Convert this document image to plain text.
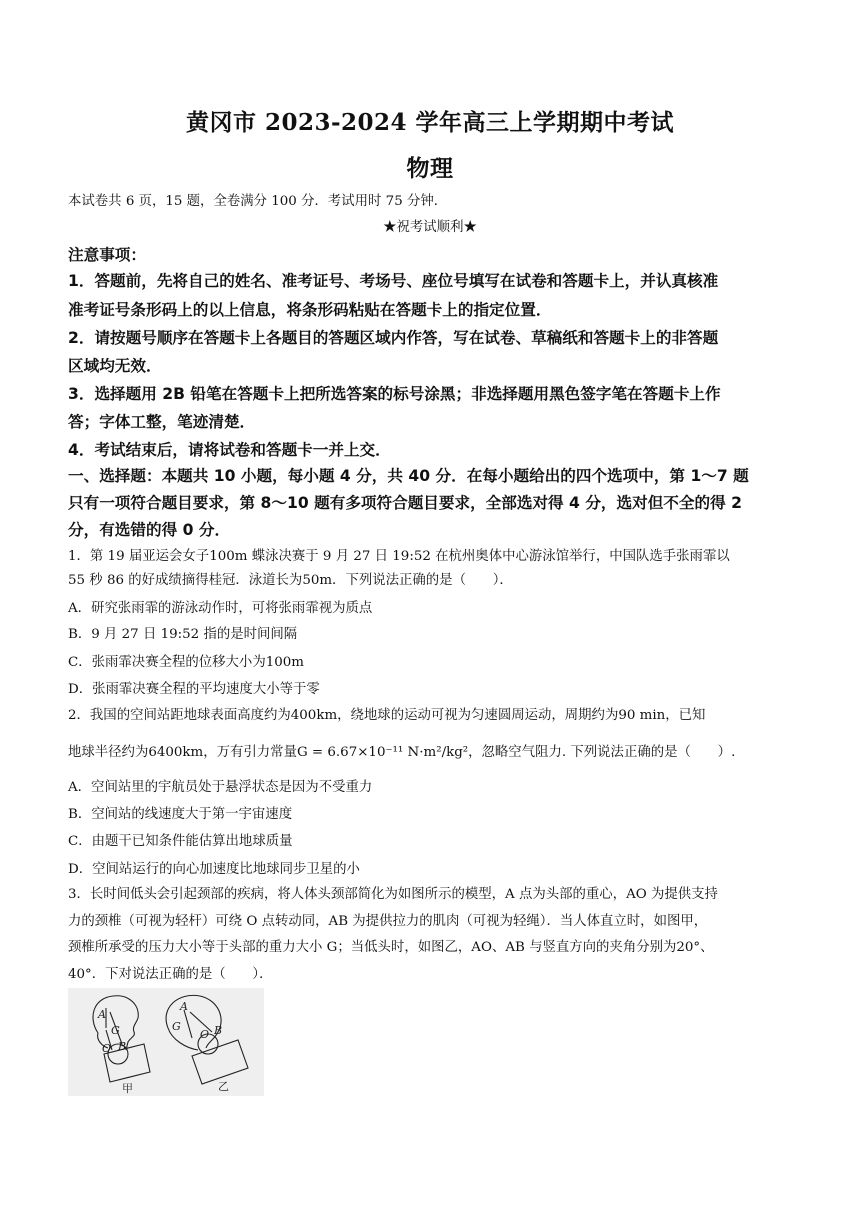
黄冈市 2023-2024 学年高三上学期期中考试
物理
本试卷共 6 页，15 题，全卷满分 100 分．考试用时 75 分钟．
★祝考试顺利★
注意事项：
1．答题前，先将自己的姓名、准考证号、考场号、座位号填写在试卷和答题卡上，并认真核准
准考证号条形码上的以上信息，将条形码粘贴在答题卡上的指定位置．
2．请按题号顺序在答题卡上各题目的答题区域内作答，写在试卷、草稿纸和答题卡上的非答题
区域均无效．
3．选择题用 2B 铅笔在答题卡上把所选答案的标号涂黑；非选择题用黑色签字笔在答题卡上作
答；字体工整，笔迹清楚．
4．考试结束后，请将试卷和答题卡一并上交．
一、选择题：本题共 10 小题，每小题 4 分，共 40 分．在每小题给出的四个选项中，第 1～7 题
只有一项符合题目要求，第 8～10 题有多项符合题目要求，全部选对得 4 分，选对但不全的得 2
分，有选错的得 0 分．
1．第 19 届亚运会女子100m 蝶泳决赛于 9 月 27 日 19:52 在杭州奥体中心游泳馆举行，中国队选手张雨霏以
55 秒 86 的好成绩摘得桂冠．泳道长为50m．下列说法正确的是（　　）．
A．研究张雨霏的游泳动作时，可将张雨霏视为质点
B．9 月 27 日 19:52 指的是时间间隔
C．张雨霏决赛全程的位移大小为100m
D．张雨霏决赛全程的平均速度大小等于零
2．我国的空间站距地球表面高度约为400km，绕地球的运动可视为匀速圆周运动，周期约为90 min，已知
地球半径约为6400km，万有引力常量G = 6.67×10⁻¹¹ N·m²/kg²，忽略空气阻力. 下列说法正确的是（　　）.
A．空间站里的宇航员处于悬浮状态是因为不受重力
B．空间站的线速度大于第一宇宙速度
C．由题干已知条件能估算出地球质量
D．空间站运行的向心加速度比地球同步卫星的小
3．长时间低头会引起颈部的疾病，将人体头颈部简化为如图所示的模型，A 点为头部的重心，AO 为提供支持
力的颈椎（可视为轻杆）可绕 O 点转动同，AB 为提供拉力的肌肉（可视为轻绳）．当人体直立时，如图甲，
颈椎所承受的压力大小等于头部的重力大小 G；当低头时，如图乙，AO、AB 与竖直方向的夹角分别为20°、
40°．下对说法正确的是（　　）．
A
G
O B
A
G
O B
甲	乙
